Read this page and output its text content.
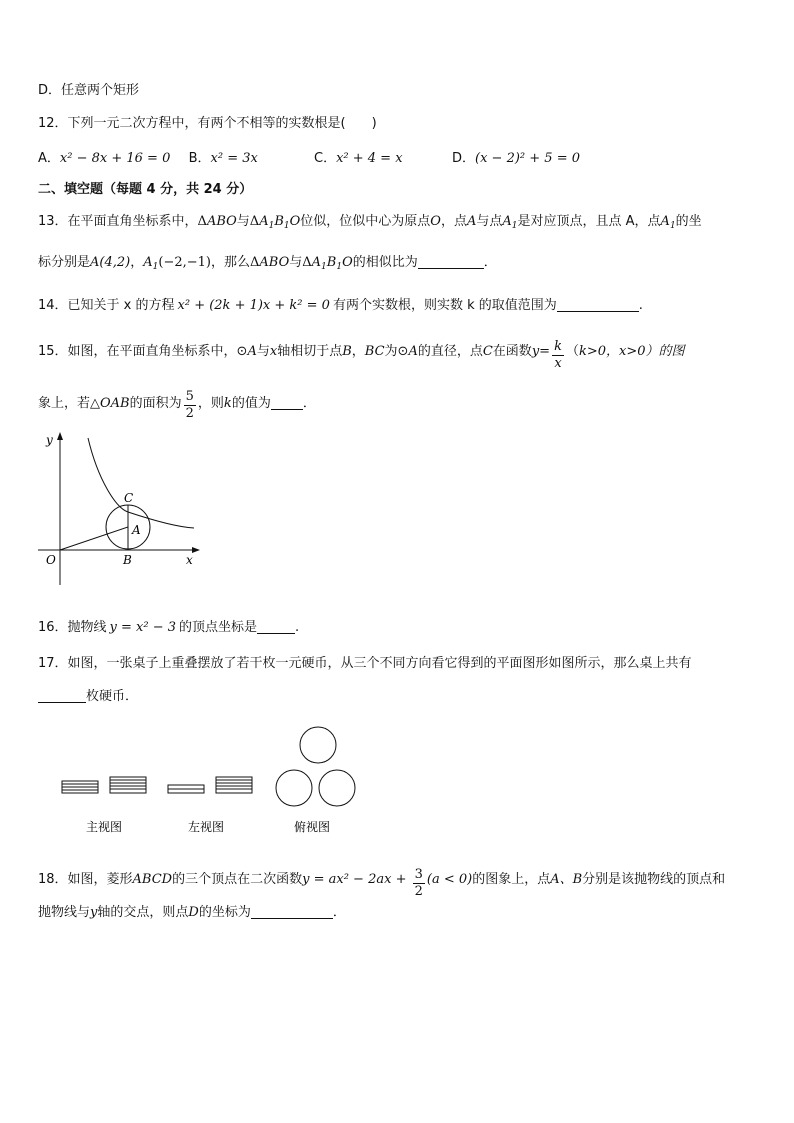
D．任意两个矩形
12．下列一元二次方程中，有两个不相等的实数根是(　　)
A．x² − 8x + 16 = 0 B．x² = 3x	C．x² + 4 = x	D．(x − 2)² + 5 = 0
二、填空题（每题 4 分，共 24 分）
13．在平面直角坐标系中，ΔABO与$\Delta A_1B_1O$位似，位似中心为原点O，点A与点$A_1$是对应顶点，且点 A，点$A_1$的坐
标分别是A(4,2)，$A_1(-2,-1)$，那么ΔABO与$\Delta A_1B_1O$的相似比为	．
14．已知关于 x 的方程 x² + (2k + 1)x + k² = 0 有两个实数根，则实数 k 的取值范围为	.
15．如图，在平面直角坐标系中，⊙A与x轴相切于点B，BC为⊙A的直径，点C在函数$y= \frac{k}{x} (k>0$，x>0）的图
象上，若△OAB的面积为 $\frac{5}{2}$ ，则k的值为 ．
y
x
O	B
C
A
16．抛物线 y = x² − 3 的顶点坐标是	.
17．如图，一张桌子上重叠摆放了若干枚一元硬币，从三个不同方向看它得到的平面图形如图所示，那么桌上共有
枚硬币．
主视图	左视图	俯视图
18．如图，菱形ABCD的三个顶点在二次函数$y = ax^2 - 2ax + \frac{3}{2} (a < 0)$的图象上，点A、B分别是该抛物线的顶点和
抛物线与y轴的交点，则点D的坐标为	．
